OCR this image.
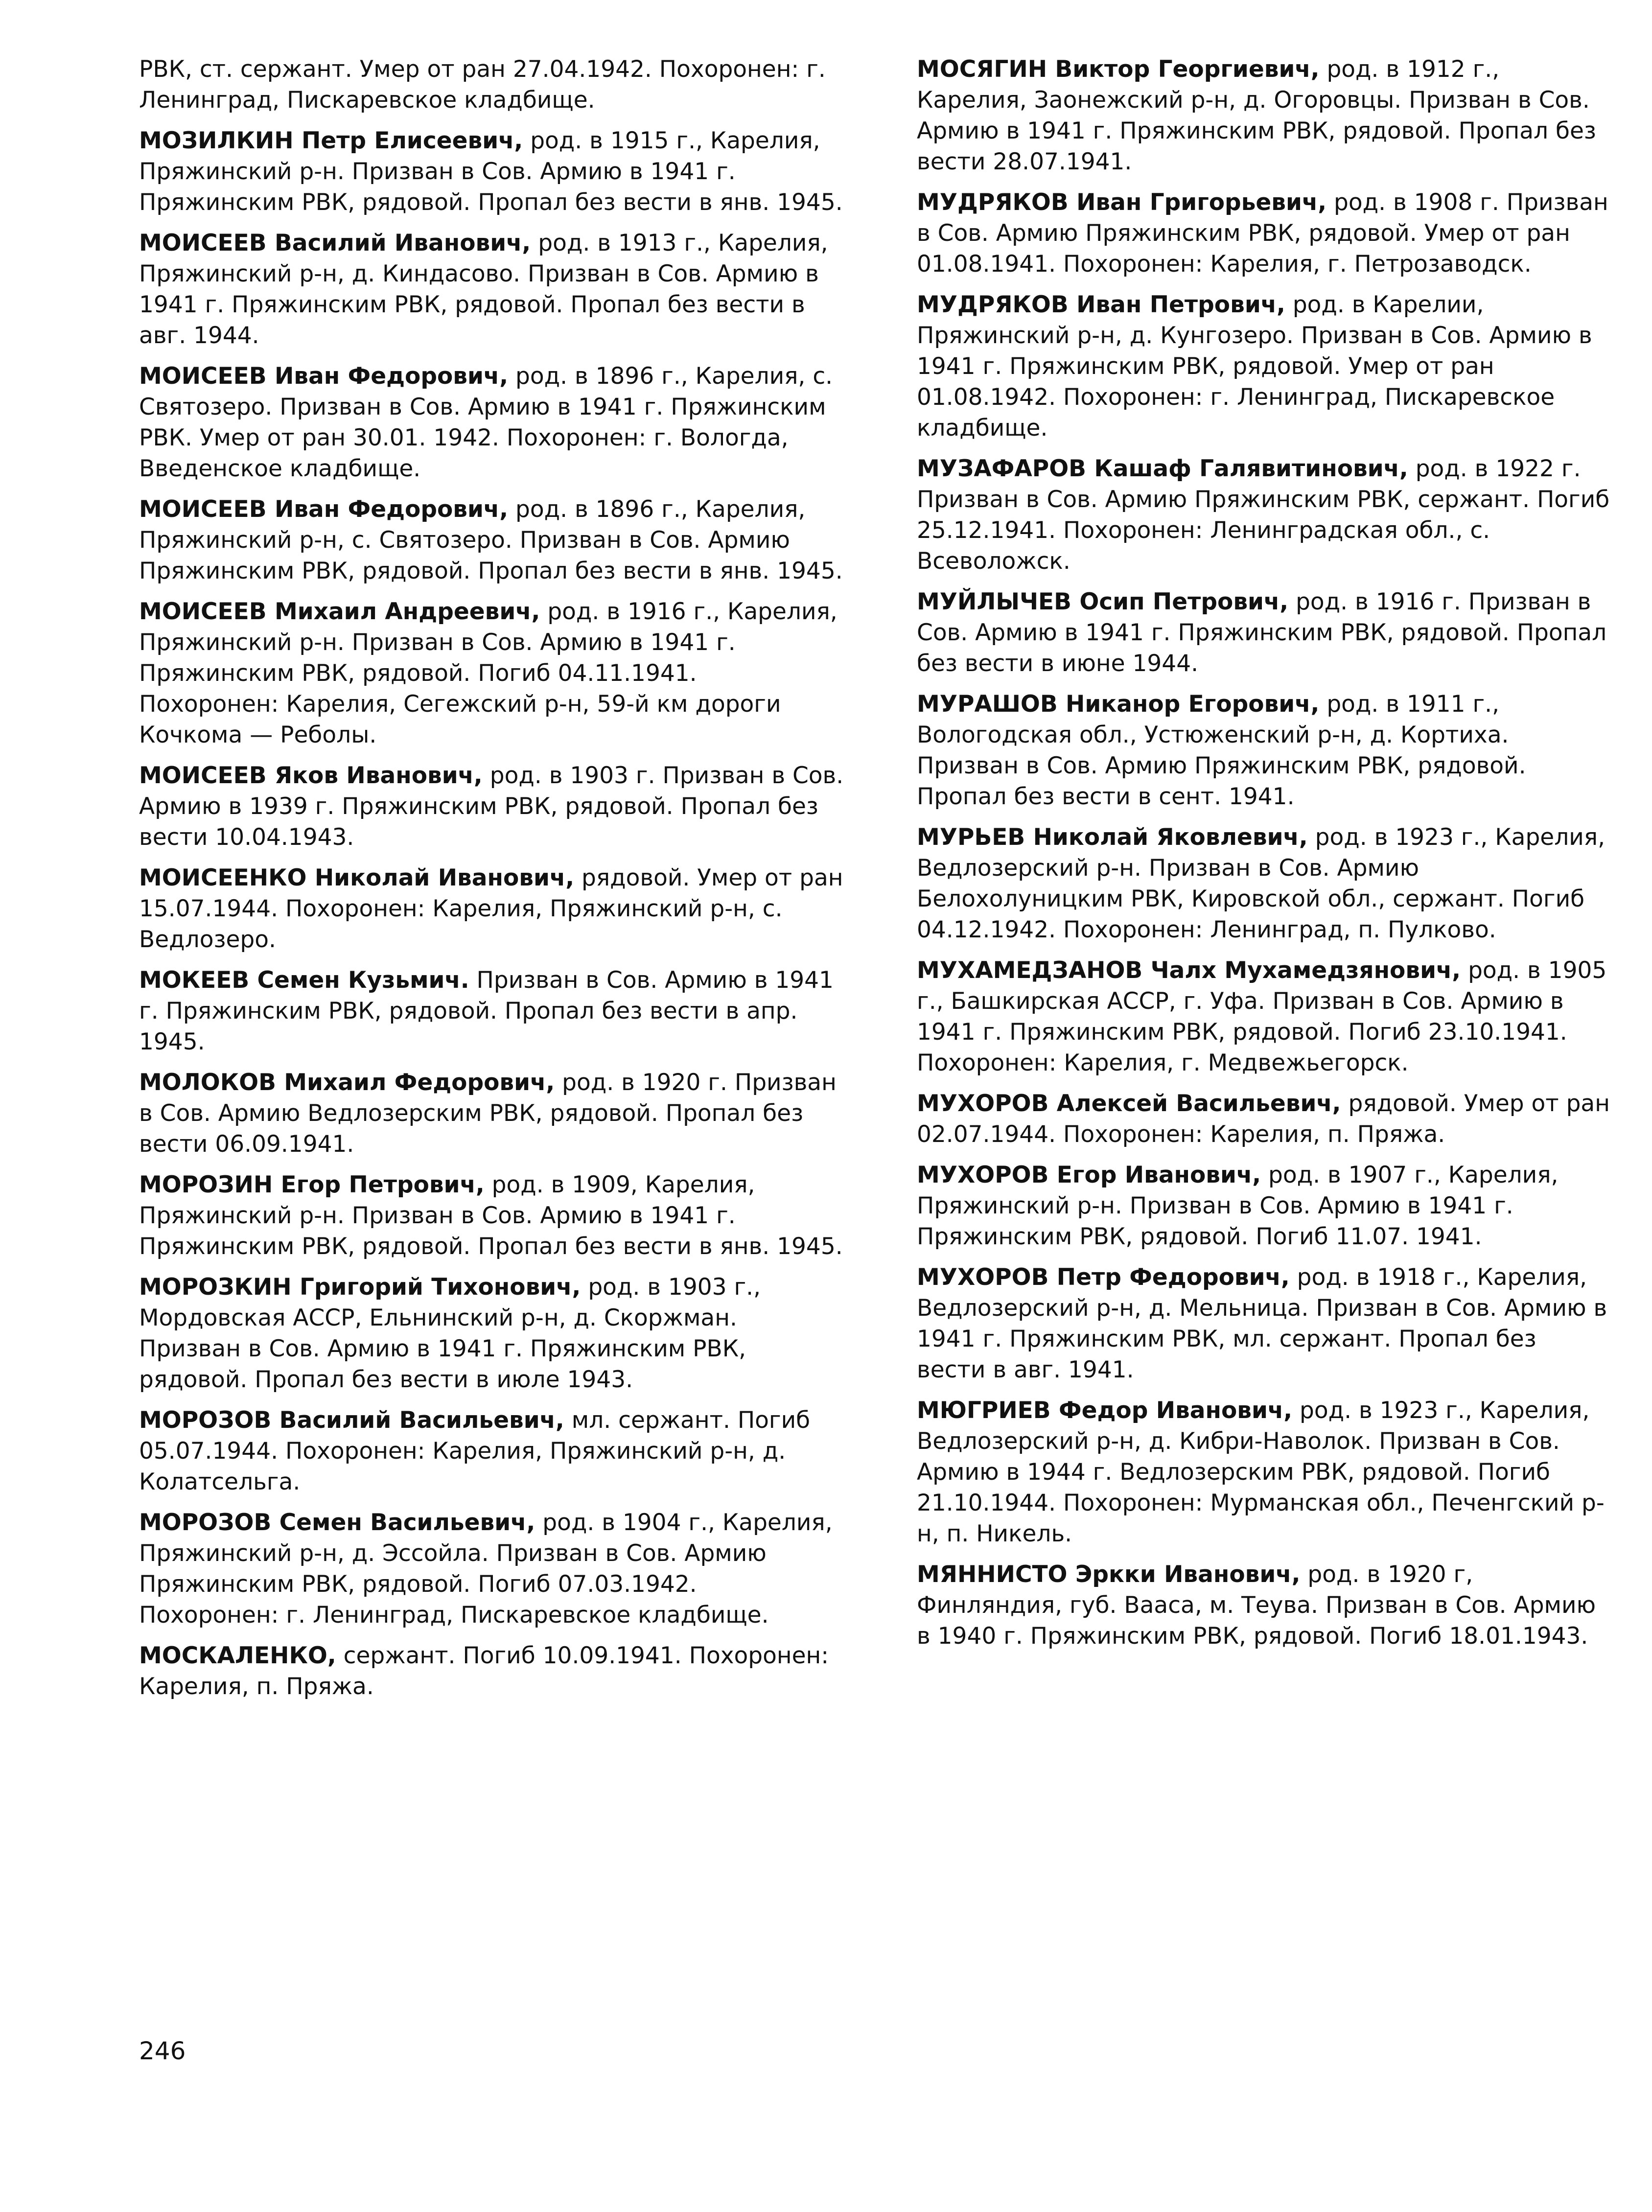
РВК, ст. сержант. Умер от ран 27.04.1942. Похоронен: г. Ленинград, Пискаревское кладбище.

МОЗИЛКИН Петр Елисеевич, род. в 1915 г., Карелия, Пряжинский р-н. Призван в Сов. Армию в 1941 г. Пряжинским РВК, рядовой. Пропал без вести в янв. 1945.

МОИСЕЕВ Василий Иванович, род. в 1913 г., Карелия, Пряжинский р-н, д. Киндасово. Призван в Сов. Армию в 1941 г. Пряжинским РВК, рядовой. Пропал без вести в авг. 1944.

МОИСЕЕВ Иван Федорович, род. в 1896 г., Карелия, с. Святозеро. Призван в Сов. Армию в 1941 г. Пряжинским РВК. Умер от ран 30.01. 1942. Похоронен: г. Вологда, Введенское кладбище.

МОИСЕЕВ Иван Федорович, род. в 1896 г., Карелия, Пряжинский р-н, с. Святозеро. Призван в Сов. Армию Пряжинским РВК, рядовой. Пропал без вести в янв. 1945.

МОИСЕЕВ Михаил Андреевич, род. в 1916 г., Карелия, Пряжинский р-н. Призван в Сов. Армию в 1941 г. Пряжинским РВК, рядовой. Погиб 04.11.1941. Похоронен: Карелия, Сегежский р-н, 59-й км дороги Кочкома — Реболы.

МОИСЕЕВ Яков Иванович, род. в 1903 г. Призван в Сов. Армию в 1939 г. Пряжинским РВК, рядовой. Пропал без вести 10.04.1943.

МОИСЕЕНКО Николай Иванович, рядовой. Умер от ран 15.07.1944. Похоронен: Карелия, Пряжинский р-н, с. Ведлозеро.

МОКЕЕВ Семен Кузьмич. Призван в Сов. Армию в 1941 г. Пряжинским РВК, рядовой. Пропал без вести в апр. 1945.

МОЛОКОВ Михаил Федорович, род. в 1920 г. Призван в Сов. Армию Ведлозерским РВК, рядовой. Пропал без вести 06.09.1941.

МОРОЗИН Егор Петрович, род. в 1909, Карелия, Пряжинский р-н. Призван в Сов. Армию в 1941 г. Пряжинским РВК, рядовой. Пропал без вести в янв. 1945.

МОРОЗКИН Григорий Тихонович, род. в 1903 г., Мордовская АССР, Ельнинский р-н, д. Скоржман. Призван в Сов. Армию в 1941 г. Пряжинским РВК, рядовой. Пропал без вести в июле 1943.

МОРОЗОВ Василий Васильевич, мл. сержант. Погиб 05.07.1944. Похоронен: Карелия, Пряжинский р-н, д. Колатсельга.

МОРОЗОВ Семен Васильевич, род. в 1904 г., Карелия, Пряжинский р-н, д. Эссойла. Призван в Сов. Армию Пряжинским РВК, рядовой. Погиб 07.03.1942. Похоронен: г. Ленинград, Пискаревское кладбище.

МОСКАЛЕНКО, сержант. Погиб 10.09.1941. Похоронен: Карелия, п. Пряжа.

МОСЯГИН Виктор Георгиевич, род. в 1912 г., Карелия, Заонежский р-н, д. Огоровцы. Призван в Сов. Армию в 1941 г. Пряжинским РВК, рядовой. Пропал без вести 28.07.1941.

МУДРЯКОВ Иван Григорьевич, род. в 1908 г. Призван в Сов. Армию Пряжинским РВК, рядовой. Умер от ран 01.08.1941. Похоронен: Карелия, г. Петрозаводск.

МУДРЯКОВ Иван Петрович, род. в Карелии, Пряжинский р-н, д. Кунгозеро. Призван в Сов. Армию в 1941 г. Пряжинским РВК, рядовой. Умер от ран 01.08.1942. Похоронен: г. Ленинград, Пискаревское кладбище.

МУЗАФАРОВ Кашаф Галявитинович, род. в 1922 г. Призван в Сов. Армию Пряжинским РВК, сержант. Погиб 25.12.1941. Похоронен: Ленинградская обл., с. Всеволожск.

МУЙЛЫЧЕВ Осип Петрович, род. в 1916 г. Призван в Сов. Армию в 1941 г. Пряжинским РВК, рядовой. Пропал без вести в июне 1944.

МУРАШОВ Никанор Егорович, род. в 1911 г., Вологодская обл., Устюженский р-н, д. Кортиха. Призван в Сов. Армию Пряжинским РВК, рядовой. Пропал без вести в сент. 1941.

МУРЬЕВ Николай Яковлевич, род. в 1923 г., Карелия, Ведлозерский р-н. Призван в Сов. Армию Белохолуницким РВК, Кировской обл., сержант. Погиб 04.12.1942. Похоронен: Ленинград, п. Пулково.

МУХАМЕДЗАНОВ Чалх Мухамедзянович, род. в 1905 г., Башкирская АССР, г. Уфа. Призван в Сов. Армию в 1941 г. Пряжинским РВК, рядовой. Погиб 23.10.1941. Похоронен: Карелия, г. Медвежьегорск.

МУХОРОВ Алексей Васильевич, рядовой. Умер от ран 02.07.1944. Похоронен: Карелия, п. Пряжа.

МУХОРОВ Егор Иванович, род. в 1907 г., Карелия, Пряжинский р-н. Призван в Сов. Армию в 1941 г. Пряжинским РВК, рядовой. Погиб 11.07. 1941.

МУХОРОВ Петр Федорович, род. в 1918 г., Карелия, Ведлозерский р-н, д. Мельница. Призван в Сов. Армию в 1941 г. Пряжинским РВК, мл. сержант. Пропал без вести в авг. 1941.

МЮГРИЕВ Федор Иванович, род. в 1923 г., Карелия, Ведлозерский р-н, д. Кибри-Наволок. Призван в Сов. Армию в 1944 г. Ведлозерским РВК, рядовой. Погиб 21.10.1944. Похоронен: Мурманская обл., Печенгский р-н, п. Никель.

МЯННИСТО Эркки Иванович, род. в 1920 г, Финляндия, губ. Вааса, м. Теува. Призван в Сов. Армию в 1940 г. Пряжинским РВК, рядовой. Погиб 18.01.1943.

246
